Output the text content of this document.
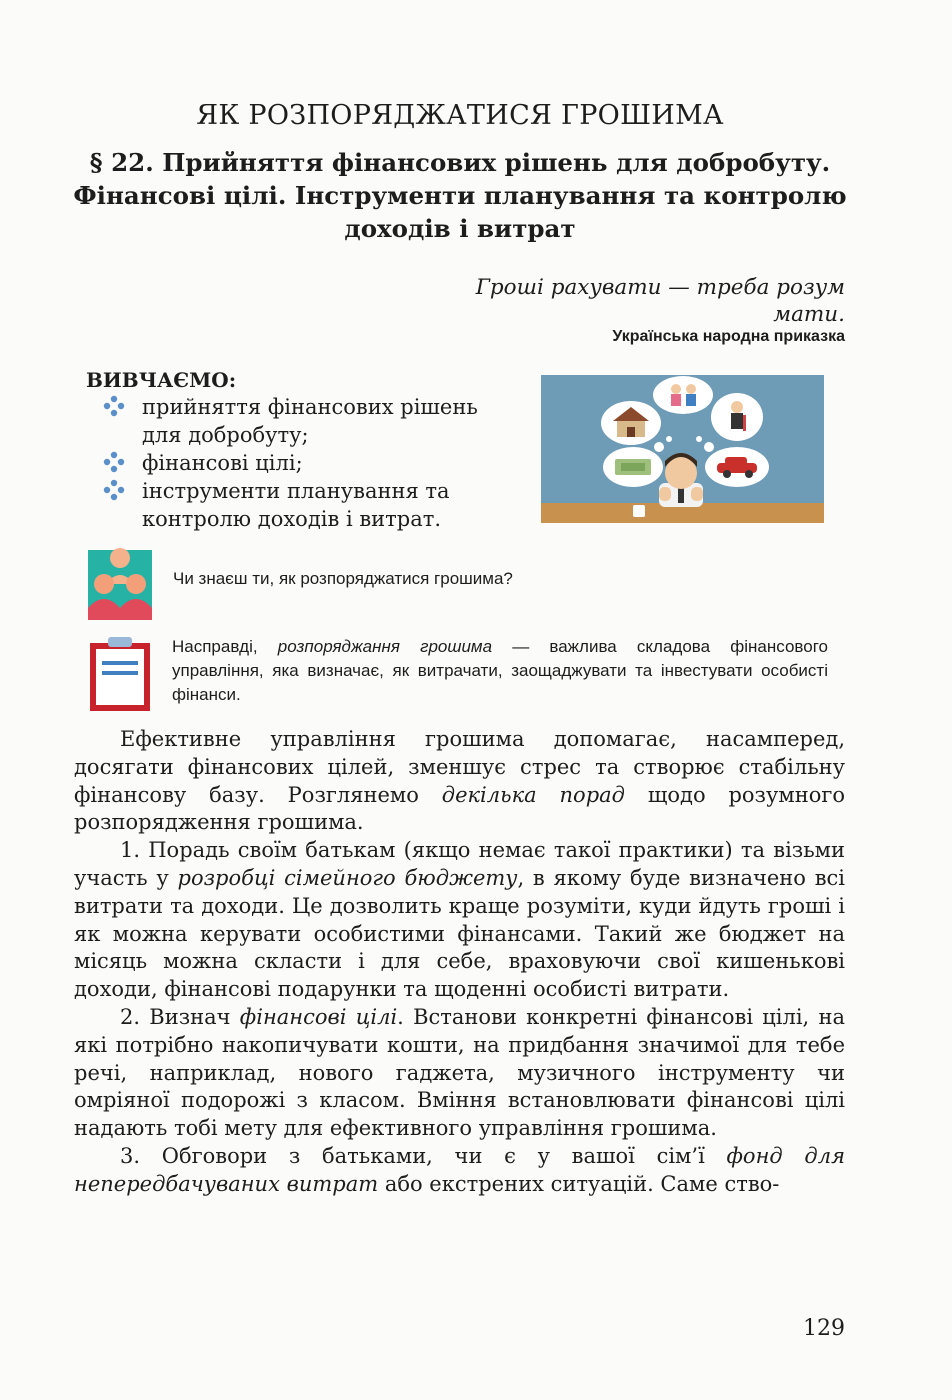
ЯК РОЗПОРЯДЖАТИСЯ ГРОШИМА
§ 22. Прийняття фінансових рішень для добробуту. Фінансові цілі. Інструменти планування та контролю доходів і витрат
Гроші рахувати — треба розум
мати.
Українська народна приказка
ВИВЧАЄМО:
прийняття фінансових рішень для добробуту;
фінансові цілі;
інструменти планування та контролю доходів і витрат.
Чи знаєш ти, як розпоряджатися грошима?
Насправді, розпоряджання грошима — важлива складова фінансового управління, яка визначає, як витрачати, заощаджувати та інвестувати особисті фінанси.

Ефективне управління грошима допомагає, насамперед, досягати фінансових цілей, зменшує стрес та створює стабільну фінансову базу. Розглянемо декілька порад щодо розумного розпорядження грошима.

1. Порадь своїм батькам (якщо немає такої практики) та візьми участь у розробці сімейного бюджету, в якому буде визначено всі витрати та доходи. Це дозволить краще розуміти, куди йдуть гроші і як можна керувати особистими фінансами. Такий же бюджет на місяць можна скласти і для себе, враховуючи свої кишенькові доходи, фінансові подарунки та щоденні особисті витрати.

2. Визнач фінансові цілі. Встанови конкретні фінансові цілі, на які потрібно накопичувати кошти, на придбання значимої для тебе речі, наприклад, нового гаджета, музичного інструменту чи омріяної подорожі з класом. Вміння встановлювати фінансові цілі надають тобі мету для ефективного управління грошима.

3. Обговори з батьками, чи є у вашої сім’ї фонд для непередбачуваних витрат або екстрених ситуацій. Саме ство-

129
